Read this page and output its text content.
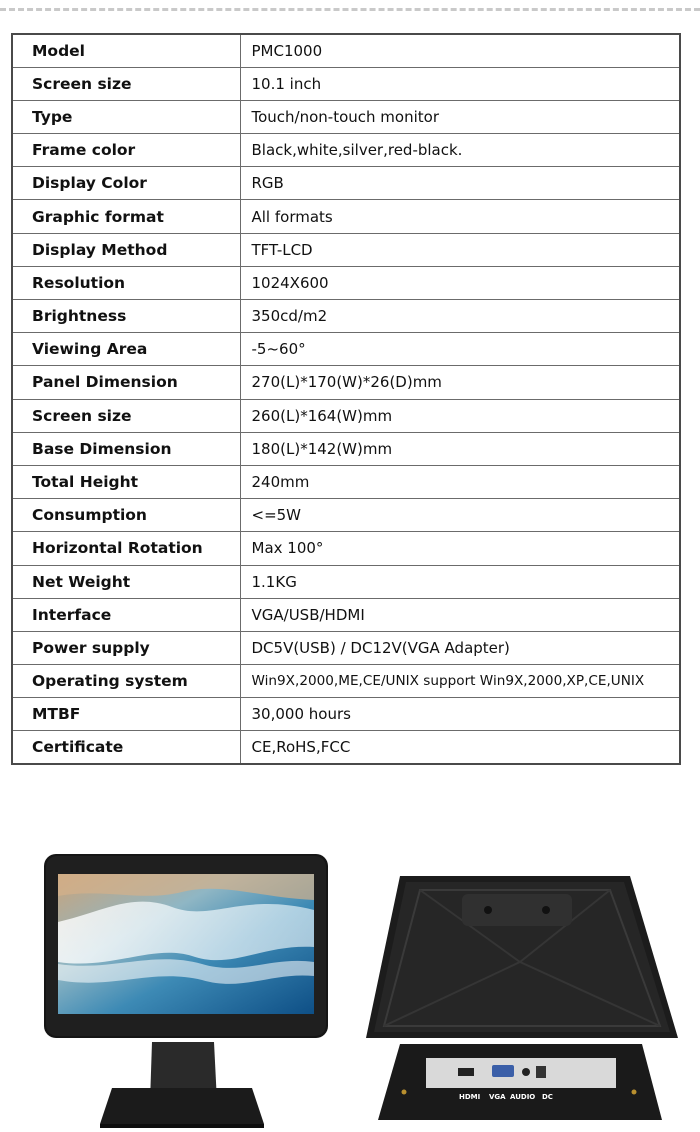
Model	PMC1000
Screen size	10.1 inch
Type	Touch/non-touch monitor
Frame color	Black,white,silver,red-black.
Display Color	RGB
Graphic format	All formats
Display Method	TFT-LCD
Resolution	1024X600
Brightness	350cd/m2
Viewing Area	-5~60°
Panel Dimension	270(L)*170(W)*26(D)mm
Screen size	260(L)*164(W)mm
Base Dimension	180(L)*142(W)mm
Total Height	240mm
Consumption	<=5W
Horizontal Rotation	Max 100°
Net Weight	1.1KG
Interface	VGA/USB/HDMI
Power supply	DC5V(USB) / DC12V(VGA Adapter)
Operating system	Win9X,2000,ME,CE/UNIX support Win9X,2000,XP,CE,UNIX
MTBF	30,000 hours
Certificate	CE,RoHS,FCC
HDMI VGA AUDIO DC
